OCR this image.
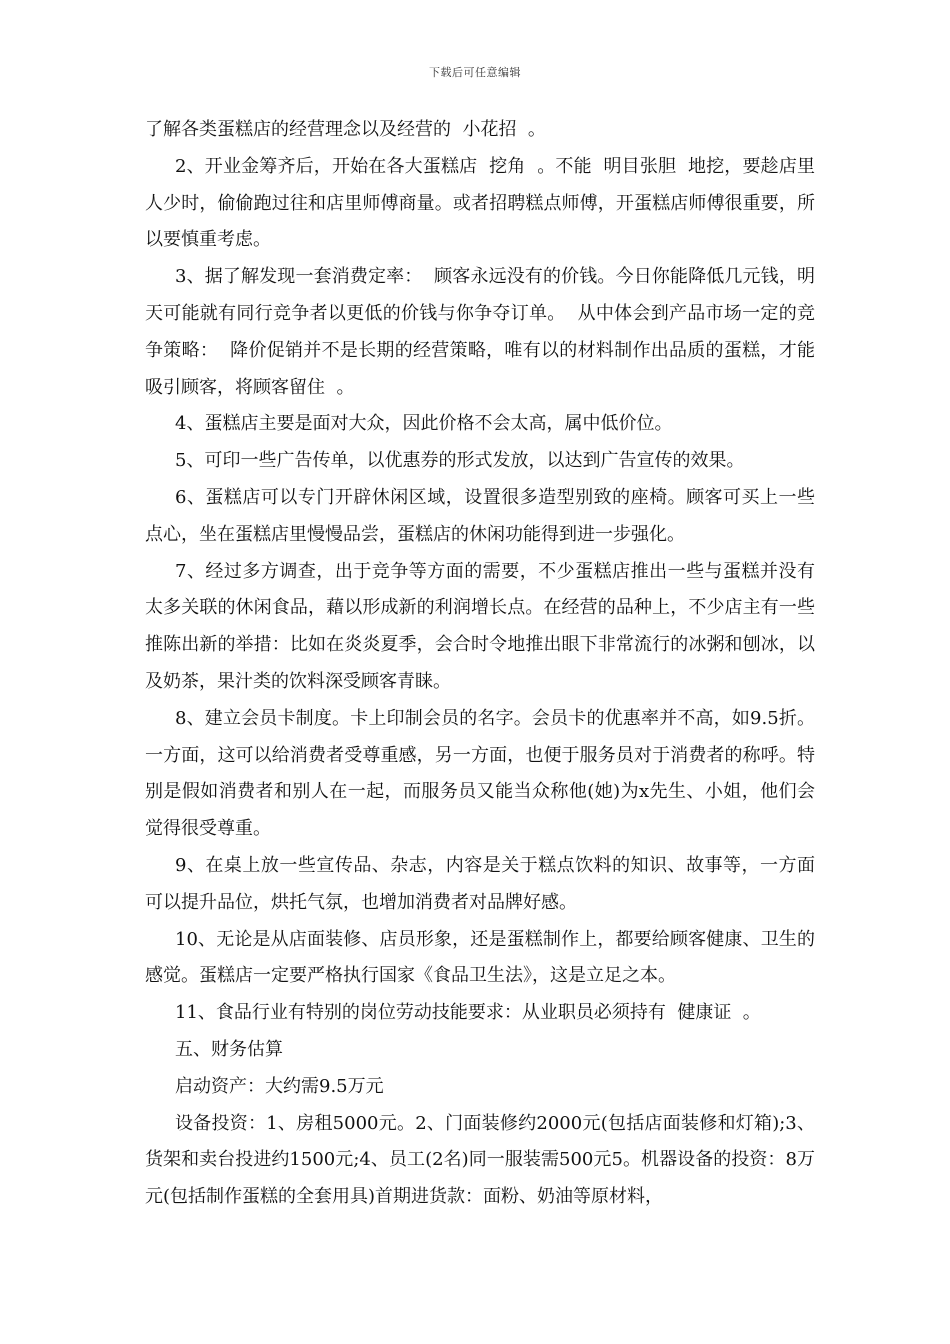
下载后可任意编辑

了解各类蛋糕店的经营理念以及经营的  小花招  。

2、开业金筹齐后，开始在各大蛋糕店  挖角  。不能  明目张胆  地挖，要趁店里人少时，偷偷跑过往和店里师傅商量。或者招聘糕点师傅，开蛋糕店师傅很重要，所以要慎重考虑。

3、据了解发现一套消费定率：  顾客永远没有的价钱。今日你能降低几元钱，明天可能就有同行竞争者以更低的价钱与你争夺订单。  从中体会到产品市场一定的竞争策略：  降价促销并不是长期的经营策略，唯有以的材料制作出品质的蛋糕，才能吸引顾客，将顾客留住  。

4、蛋糕店主要是面对大众，因此价格不会太高，属中低价位。

5、可印一些广告传单，以优惠券的形式发放，以达到广告宣传的效果。

6、蛋糕店可以专门开辟休闲区域，设置很多造型别致的座椅。顾客可买上一些点心，坐在蛋糕店里慢慢品尝，蛋糕店的休闲功能得到进一步强化。

7、经过多方调查，出于竞争等方面的需要，不少蛋糕店推出一些与蛋糕并没有太多关联的休闲食品，藉以形成新的利润增长点。在经营的品种上，不少店主有一些推陈出新的举措：比如在炎炎夏季，会合时令地推出眼下非常流行的冰粥和刨冰，以及奶茶，果汁类的饮料深受顾客青睐。

8、建立会员卡制度。卡上印制会员的名字。会员卡的优惠率并不高，如9.5折。一方面，这可以给消费者受尊重感，另一方面，也便于服务员对于消费者的称呼。特别是假如消费者和别人在一起，而服务员又能当众称他(她)为x先生、小姐，他们会觉得很受尊重。

9、在桌上放一些宣传品、杂志，内容是关于糕点饮料的知识、故事等，一方面可以提升品位，烘托气氛，也增加消费者对品牌好感。

10、无论是从店面装修、店员形象，还是蛋糕制作上，都要给顾客健康、卫生的感觉。蛋糕店一定要严格执行国家《食品卫生法》，这是立足之本。

11、食品行业有特别的岗位劳动技能要求：从业职员必须持有  健康证  。

五、财务估算

启动资产：大约需9.5万元

设备投资：1、房租5000元。2、门面装修约2000元(包括店面装修和灯箱);3、货架和卖台投进约1500元;4、员工(2名)同一服装需500元5。机器设备的投资：8万元(包括制作蛋糕的全套用具)首期进货款：面粉、奶油等原材料，
